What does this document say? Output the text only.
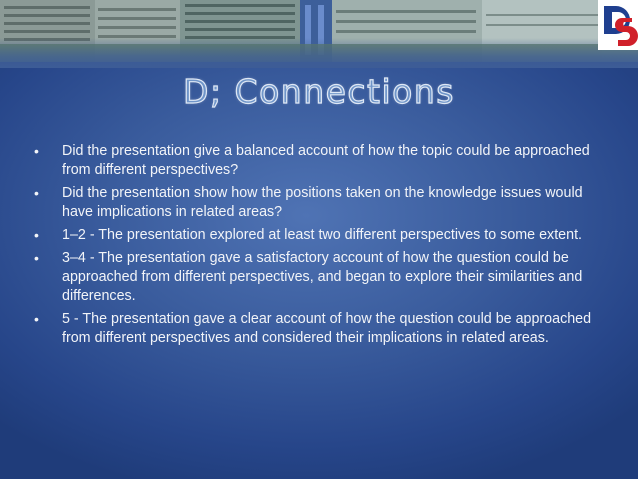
D; Connections
• Did the presentation give a balanced account of how the topic could be approached from different perspectives?
• Did the presentation show how the positions taken on the knowledge issues would have implications in related areas?
• 1–2 - The presentation explored at least two different perspectives to some extent.
• 3–4 - The presentation gave a satisfactory account of how the question could be approached from different perspectives, and began to explore their similarities and differences.
• 5 - The presentation gave a clear account of how the question could be approached from different perspectives and considered their implications in related areas.
